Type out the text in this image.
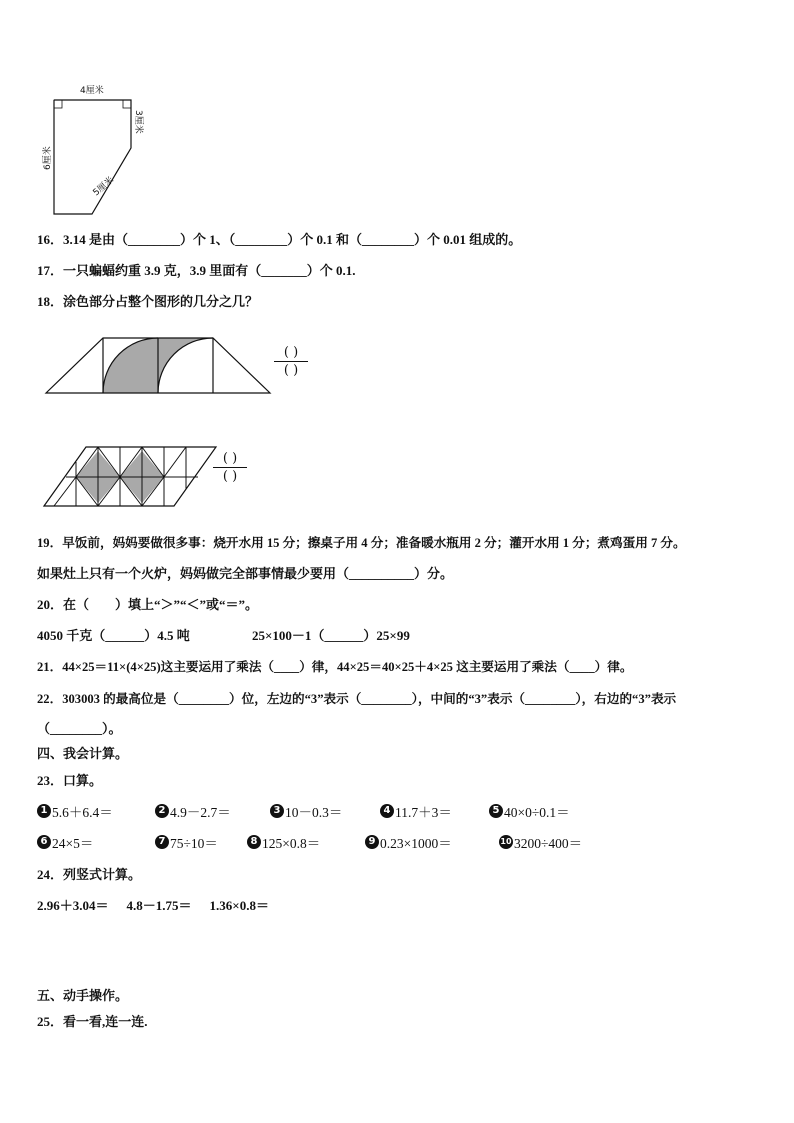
4厘米
3厘米
6厘米
5厘米
16．3.14 是由（________）个 1、（________）个 0.1 和（________）个 0.01 组成的。
17．一只蝙蝠约重 3.9 克，3.9 里面有（_______）个 0.1.
18．涂色部分占整个图形的几分之几？
( )
( )
( )
( )
19．早饭前，妈妈要做很多事：烧开水用 15 分；擦桌子用 4 分；准备暖水瓶用 2 分；灌开水用 1 分；煮鸡蛋用 7 分。
如果灶上只有一个火炉，妈妈做完全部事情最少要用（__________）分。
20．在（　　）填上“＞”“＜”或“＝”。
4050 千克（______）4.5 吨	25×100－1（______）25×99
21．44×25＝11×(4×25)这主要运用了乘法（____）律，44×25＝40×25＋4×25 这主要运用了乘法（____）律。
22．303003 的最高位是（________）位，左边的“3”表示（________），中间的“3”表示（________），右边的“3”表示
（________）。
四、我会计算。
23．口算。
1 5.6＋6.4＝	2 4.9－2.7＝	3 10－0.3＝	4 11.7＋3＝	5 40×0÷0.1＝
6 24×5＝	7 75÷10＝	8 125×0.8＝	9 0.23×1000＝	10 3200÷400＝
24．列竖式计算。
2.96＋3.04＝ 4.8－1.75＝ 1.36×0.8＝
五、动手操作。
25．看一看,连一连.
